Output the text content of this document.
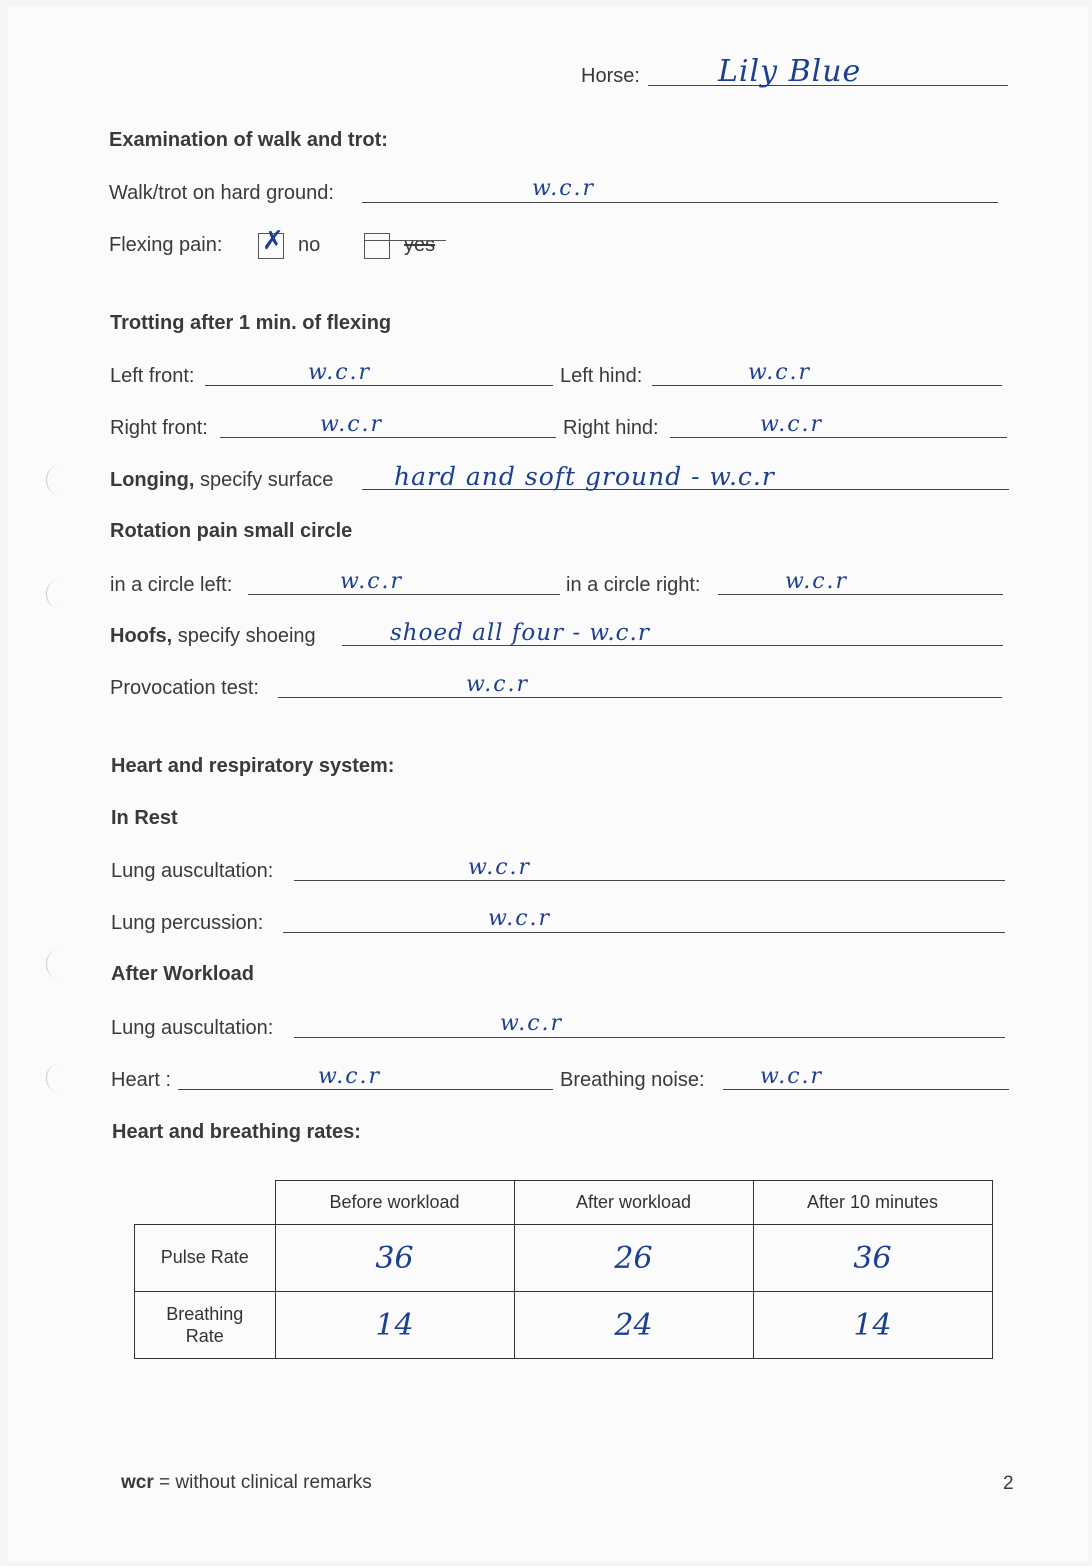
Horse:	Lily Blue
Examination of walk and trot:
Walk/trot on hard ground:	w.c.r
Flexing pain: ✗ no	yes
Trotting after 1 min. of flexing
Left front:	w.c.r	Left hind:	w.c.r
Right front:	w.c.r	Right hind:	w.c.r
Longing, specify surface hard and soft ground - w.c.r
Rotation pain small circle
in a circle left:	w.c.r	in a circle right:	w.c.r
Hoofs, specify shoeing	shoed all four - w.c.r
Provocation test:	w.c.r
Heart and respiratory system:
In Rest
Lung auscultation:	w.c.r
Lung percussion:	w.c.r
After Workload
Lung auscultation:	w.c.r
Heart :	w.c.r	Breathing noise:	w.c.r
Heart and breathing rates:
	Before workload	After workload	After 10 minutes
Pulse Rate	36	26	36
Breathing
Rate	14	24	14
wcr = without clinical remarks	2
